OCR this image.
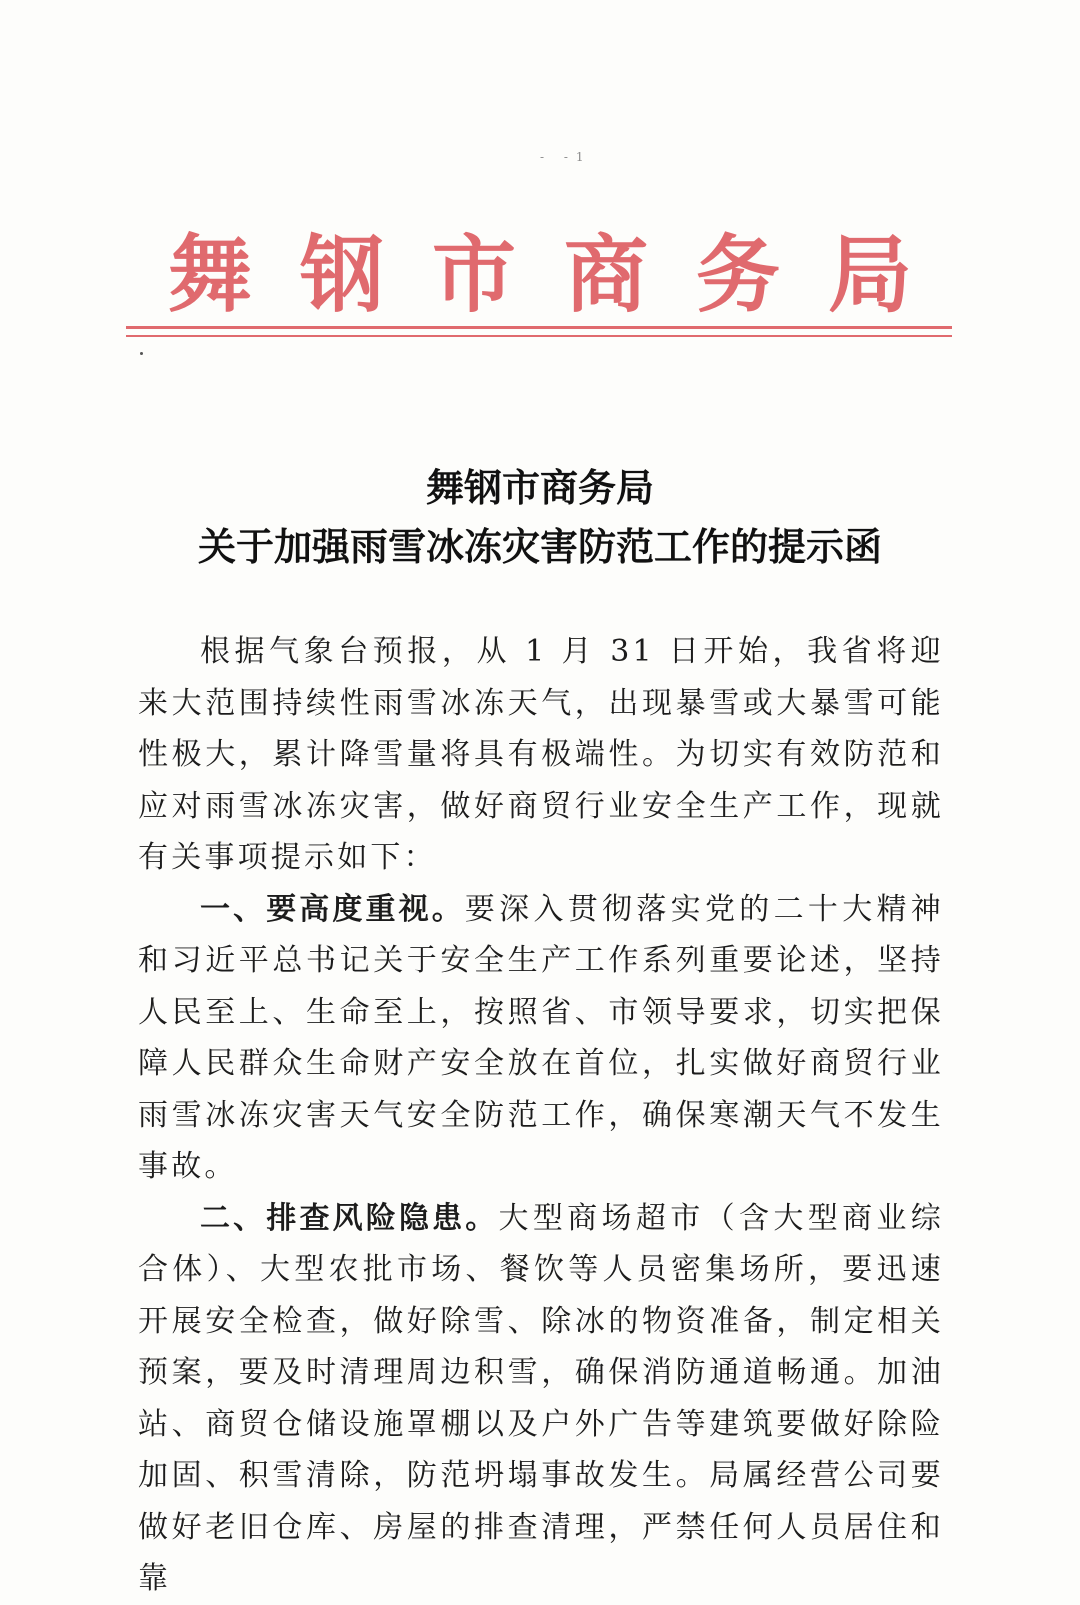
- -1
舞钢市商务局
舞钢市商务局
关于加强雨雪冰冻灾害防范工作的提示函

根据气象台预报，从 1 月 31 日开始，我省将迎来大范围持续性雨雪冰冻天气，出现暴雪或大暴雪可能性极大，累计降雪量将具有极端性。为切实有效防范和应对雨雪冰冻灾害，做好商贸行业安全生产工作，现就有关事项提示如下：

一、要高度重视。要深入贯彻落实党的二十大精神和习近平总书记关于安全生产工作系列重要论述，坚持人民至上、生命至上，按照省、市领导要求，切实把保障人民群众生命财产安全放在首位，扎实做好商贸行业雨雪冰冻灾害天气安全防范工作，确保寒潮天气不发生事故。

二、排查风险隐患。大型商场超市（含大型商业综合体）、大型农批市场、餐饮等人员密集场所，要迅速开展安全检查，做好除雪、除冰的物资准备，制定相关预案，要及时清理周边积雪，确保消防通道畅通。加油站、商贸仓储设施罩棚以及户外广告等建筑要做好除险加固、积雪清除，防范坍塌事故发生。局属经营公司要做好老旧仓库、房屋的排查清理，严禁任何人员居住和靠
